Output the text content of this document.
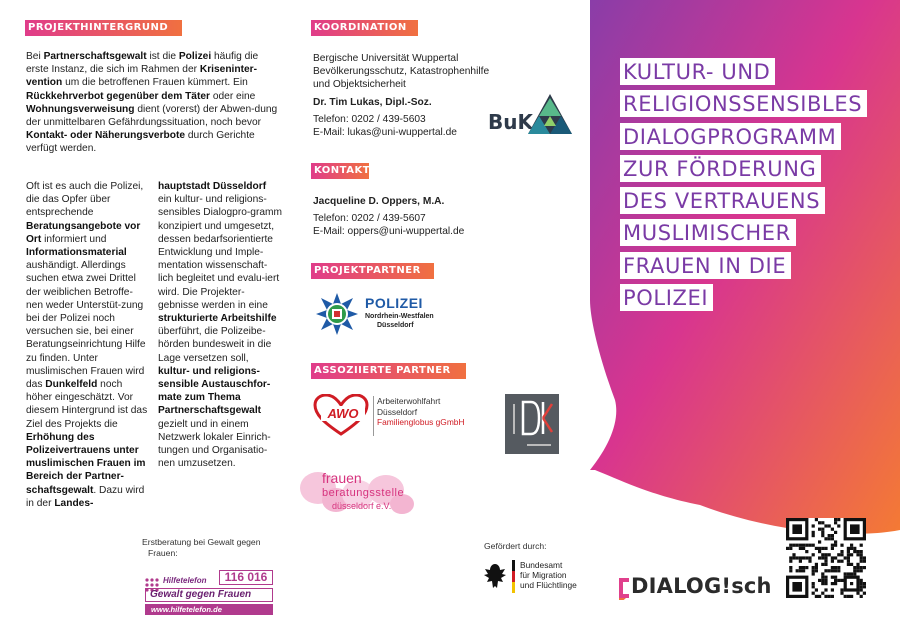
PROJEKTHINTERGRUND
Bei Partnerschaftsgewalt ist die Polizei häufig die erste Instanz, die sich im Rahmen der Kriseninter-vention um die betroffenen Frauen kümmert. Ein Rückkehrverbot gegenüber dem Täter oder eine Wohnungsverweisung dient (vorerst) der Abwen-dung der unmittelbaren Gefährdungssituation, noch bevor Kontakt- oder Näherungsverbote durch Gerichte verfügt werden.
Oft ist es auch die Polizei, die das Opfer über entsprechende Beratungsangebote vor Ort informiert und Informationsmaterial aushändigt. Allerdings suchen etwa zwei Drittel der weiblichen Betroffe-nen weder Unterstüt-zung bei der Polizei noch versuchen sie, bei einer Beratungseinrichtung Hilfe zu finden. Unter muslimischen Frauen wird das Dunkelfeld noch höher eingeschätzt. Vor diesem Hintergrund ist das Ziel des Projekts die Erhöhung des Polizeivertrauens unter muslimischen Frauen im Bereich der Partner-schaftsgewalt. Dazu wird in der Landes-
hauptstadt Düsseldorf ein kultur- und religions-sensibles Dialogpro-gramm konzipiert und umgesetzt, dessen bedarfsorientierte Entwicklung und Imple-mentation wissenschaft-lich begleitet und evalu-iert wird. Die Projekter-gebnisse werden in eine strukturierte Arbeitshilfe überführt, die Polizeibe-hörden bundesweit in die Lage versetzen soll, kultur- und religions-sensible Austauschfor-mate zum Thema Partnerschaftsgewalt gezielt und in einem Netzwerk lokaler Einrich-tungen und Organisatio-nen umzusetzen.
Erstberatung bei Gewalt gegen
Frauen:
Hilfetelefon	116 016
Gewalt gegen Frauen
www.hilfetelefon.de
KOORDINATION
Bergische Universität Wuppertal
Bevölkerungsschutz, Katastrophenhilfe
und Objektsicherheit
Dr. Tim Lukas, Dipl.-Soz.
Telefon: 0202 / 439-5603
E-Mail: lukas@uni-wuppertal.de	BuK
KONTAKT
Jacqueline D. Oppers, M.A.
Telefon: 0202 / 439-5607
E-Mail: oppers@uni-wuppertal.de
PROJEKTPARTNER
POLIZEI
Nordrhein-Westfalen
Düsseldorf
ASSOZIIERTE PARTNER
AWO
Arbeiterwohlfahrt
Düsseldorf
Familienglobus gGmbH
frauen
beratungsstelle
düsseldorf e.V.
Gefördert durch:
Bundesamt
für Migration
und Flüchtlinge
KULTUR- UND
RELIGIONSSENSIBLES
DIALOGPROGRAMM
ZUR FÖRDERUNG
DES VERTRAUENS
MUSLIMISCHER
FRAUEN IN DIE
POLIZEI
DIALOG!sch
